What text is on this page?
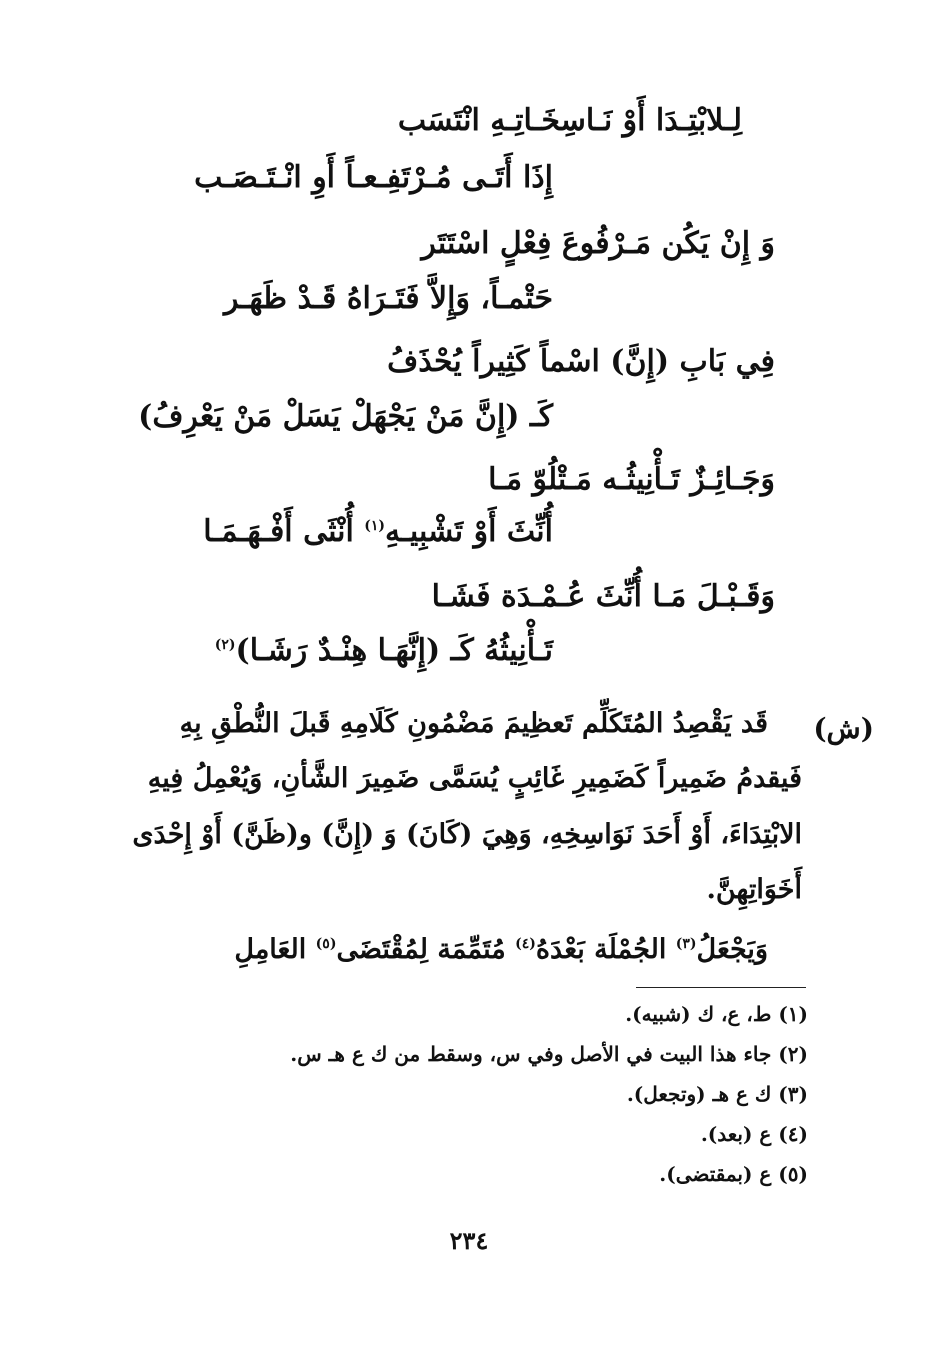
لِـلابْتِـدَا أَوْ نَـاسِخَـاتِـهِ انْتَسَب
إِذَا أَتَـى مُـرْتَفِـعـاً أَوِ انْـتَـصَـب
وَ إِنْ يَكُن مَـرْفُوعَ فِعْلٍ اسْتَتَر
حَتْمـاً، وَإِلاَّ فَتَـرَاهُ قَـدْ ظَهَـر
فِي بَابِ (إِنَّ) اسْماً كَثِيراً يُحْذَفُ
كَـ (إِنَّ مَنْ يَجْهَلْ يَسَلْ مَنْ يَعْرِفُ)
وَجَـائِـزٌ تَـأْنِيثُـه مَـتْلُوّ مَـا
أُنِّثَ أَوْ تَشْبِيـهِ$^{(١)}$ أُنْثَى أَفْـهَـمَـا
وَقَـبْـلَ مَـا أُنِّثَ عُـمْـدَة فَشَـا
تَـأْنِيثُهُ كَـ (إِنَّهَـا هِنْـدٌ رَشَـا)$^{(٢)}$
(ش)
قَد يَقْصِدُ المُتَكَلِّم تَعظِيمَ مَضْمُونِ كَلَامِهِ قَبلَ النُّطْقِ بِهِ
فَيقدمُ ضَمِيراً كَضَمِيرِ غَائِبٍ يُسَمَّى ضَمِيرَ الشَّأنِ، وَيُعْمِلُ فِيهِ
الابْتِدَاءَ، أَوْ أَحَدَ نَوَاسِخِهِ، وَهِيَ (كَانَ) وَ (إِنَّ) و(ظَنَّ) أَوْ إِحْدَى
أَخَوَاتِهِنَّ.
وَيَجْعَلُ$^{(٣)}$ الجُمْلَة بَعْدَهُ$^{(٤)}$ مُتَمِّمَة لِمُقْتَضَى$^{(٥)}$ العَامِلِ
(١) ط، ع، ك (شبيه).
(٢) جاء هذا البيت في الأصل وفي س، وسقط من ك ع هـ س.
(٣) ك ع هـ (وتجعل).
(٤) ع (بعد).
(٥) ع (بمقتضى).
٢٣٤
